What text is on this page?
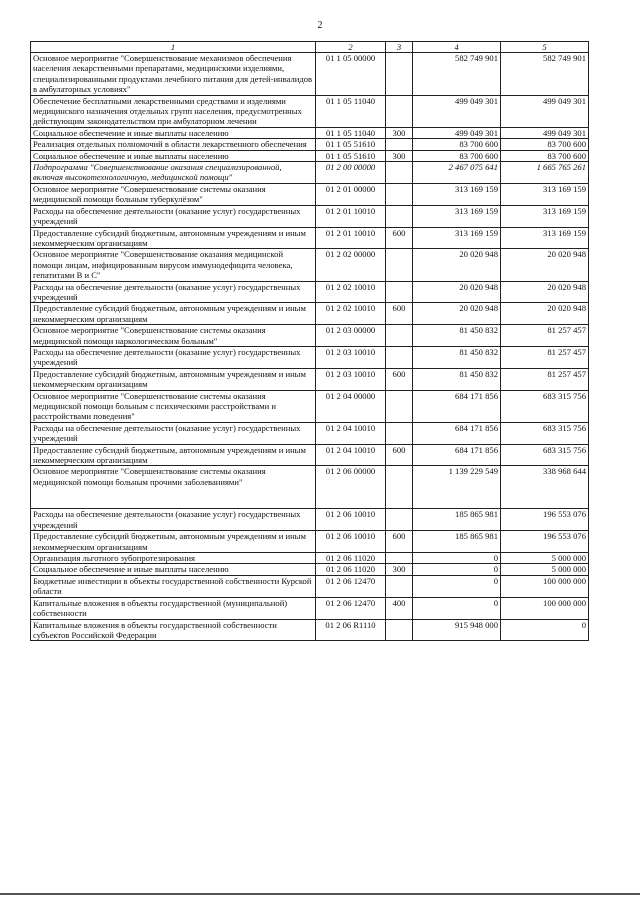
2
1	2	3	4	5
Основное мероприятие "Совершенствование механизмов обеспечения населения лекарственными препаратами, медицинскими изделиями, специализированными продуктами лечебного питания для детей-инвалидов в амбулаторных условиях"	01 1 05 00000		582 749 901	582 749 901
Обеспечение бесплатными лекарственными средствами и изделиями медицинского назначения отдельных групп населения, предусмотренных действующим законодательством при амбулаторном лечении	01 1 05 11040		499 049 301	499 049 301
Социальное обеспечение и иные выплаты населению	01 1 05 11040	300	499 049 301	499 049 301
Реализация отдельных полномочий в области лекарственного обеспечения	01 1 05 51610		83 700 600	83 700 600
Социальное обеспечение и иные выплаты населению	01 1 05 51610	300	83 700 600	83 700 600
Подпрограмма "Совершенствование оказания специализированной, включая высокотехнологичную, медицинской помощи"	01 2 00 00000		2 467 075 641	1 665 765 261
Основное мероприятие "Совершенствование системы оказания медицинской помощи больным туберкулёзом"	01 2 01 00000		313 169 159	313 169 159
Расходы на обеспечение деятельности (оказание услуг) государственных учреждений	01 2 01 10010		313 169 159	313 169 159
Предоставление субсидий бюджетным, автономным учреждениям и иным некоммерческим организациям	01 2 01 10010	600	313 169 159	313 169 159
Основное мероприятие "Совершенствование оказания медицинской помощи лицам, инфицированным вирусом иммунодефицита человека, гепатитами В и С"	01 2 02 00000		20 020 948	20 020 948
Расходы на обеспечение деятельности (оказание услуг) государственных учреждений	01 2 02 10010		20 020 948	20 020 948
Предоставление субсидий бюджетным, автономным учреждениям и иным некоммерческим организациям	01 2 02 10010	600	20 020 948	20 020 948
Основное мероприятие "Совершенствование системы оказания медицинской помощи наркологическим больным"	01 2 03 00000		81 450 832	81 257 457
Расходы на обеспечение деятельности (оказание услуг) государственных учреждений	01 2 03 10010		81 450 832	81 257 457
Предоставление субсидий бюджетным, автономным учреждениям и иным некоммерческим организациям	01 2 03 10010	600	81 450 832	81 257 457
Основное мероприятие "Совершенствование системы оказания медицинской помощи больным с психическими расстройствами и расстройствами поведения"	01 2 04 00000		684 171 856	683 315 756
Расходы на обеспечение деятельности (оказание услуг) государственных учреждений	01 2 04 10010		684 171 856	683 315 756
Предоставление субсидий бюджетным, автономным учреждениям и иным некоммерческим организациям	01 2 04 10010	600	684 171 856	683 315 756
Основное мероприятие "Совершенствование системы оказания медицинской помощи больным прочими заболеваниями"	01 2 06 00000		1 139 229 549	338 968 644
Расходы на обеспечение деятельности (оказание услуг) государственных учреждений	01 2 06 10010		185 865 981	196 553 076
Предоставление субсидий бюджетным, автономным учреждениям и иным некоммерческим организациям	01 2 06 10010	600	185 865 981	196 553 076
Организация льготного зубопротезирования	01 2 06 11020		0	5 000 000
Социальное обеспечение и иные выплаты населению	01 2 06 11020	300	0	5 000 000
Бюджетные инвестиции в объекты государственной собственности Курской области	01 2 06 12470		0	100 000 000
Капитальные вложения в объекты государственной (муниципальной) собственности	01 2 06 12470	400	0	100 000 000
Капитальные вложения в объекты государственной собственности субъектов Российской Федерации	01 2 06 R1110		915 948 000	0
